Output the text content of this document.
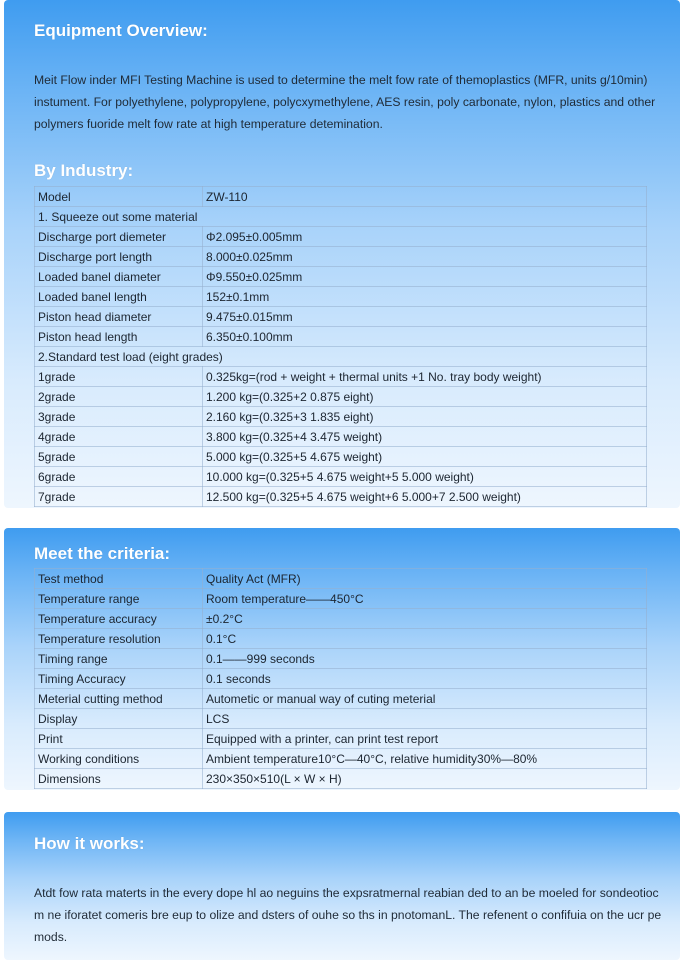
Equipment Overview:

Meit Flow inder MFI Testing Machine is used to determine the melt fow rate of themoplastics (MFR, units g/10min) instument. For polyethylene, polypropylene, polycxymethylene, AES resin, poly carbonate, nylon, plastics and other polymers fuoride melt fow rate at high temperature detemination.

By Industry:
Model	ZW-110
1. Squeeze out some material	
Discharge port diemeter	Φ2.095±0.005mm
Discharge port length	8.000±0.025mm
Loaded banel diameter	Φ9.550±0.025mm
Loaded banel length	152±0.1mm
Piston head diameter	9.475±0.015mm
Piston head length	6.350±0.100mm
2.Standard test load (eight grades)	
1grade	0.325kg=(rod + weight + thermal units +1 No. tray body weight)
2grade	1.200 kg=(0.325+2 0.875 eight)
3grade	2.160 kg=(0.325+3 1.835 eight)
4grade	3.800 kg=(0.325+4 3.475 weight)
5grade	5.000 kg=(0.325+5 4.675 weight)
6grade	10.000 kg=(0.325+5 4.675 weight+5 5.000 weight)
7grade	12.500 kg=(0.325+5 4.675 weight+6 5.000+7 2.500 weight)
Meet the criteria:
Test method	Quality Act (MFR)
Temperature range	Room temperature——450°C
Temperature accuracy	±0.2°C
Temperature resolution	0.1°C
Timing range	0.1——999 seconds
Timing Accuracy	0.1 seconds
Meterial cutting method	Autometic or manual way of cuting meterial
Display	LCS
Print	Equipped with a printer, can print test report
Working conditions	Ambient temperature10°C—40°C, relative humidity30%—80%
Dimensions	230×350×510(L × W × H)
How it works:

Atdt fow rata materts in the every dope hl ao neguins the expsratmernal reabian ded to an be moeled for sondeotioc m ne iforatet comeris bre eup to olize and dsters of ouhe so ths in pnotomanL. The refenent o confifuia on the ucr pe mods.
